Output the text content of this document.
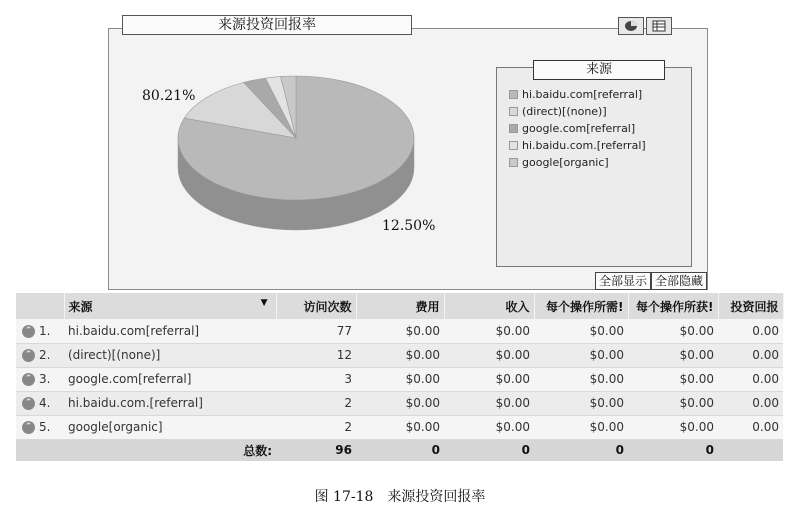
来源投资回报率
80.21%
12.50%
来源
hi.baidu.com[referral]
(direct)[(none)]
google.com[referral]
hi.baidu.com.[referral]
google[organic]
全部显示 全部隐藏
	来源 ▼	访问次数	费用	收入	每个操作所需!	每个操作所获!	投资回报
⌃ 1.	hi.baidu.com[referral]	77	$0.00	$0.00	$0.00	$0.00	0.00
⌃ 2.	(direct)[(none)]	12	$0.00	$0.00	$0.00	$0.00	0.00
⌃ 3.	google.com[referral]	3	$0.00	$0.00	$0.00	$0.00	0.00
⌃ 4.	hi.baidu.com.[referral]	2	$0.00	$0.00	$0.00	$0.00	0.00
⌃ 5.	google[organic]	2	$0.00	$0.00	$0.00	$0.00	0.00
总数:		96	0	0	0	0	
图 17-18　来源投资回报率
